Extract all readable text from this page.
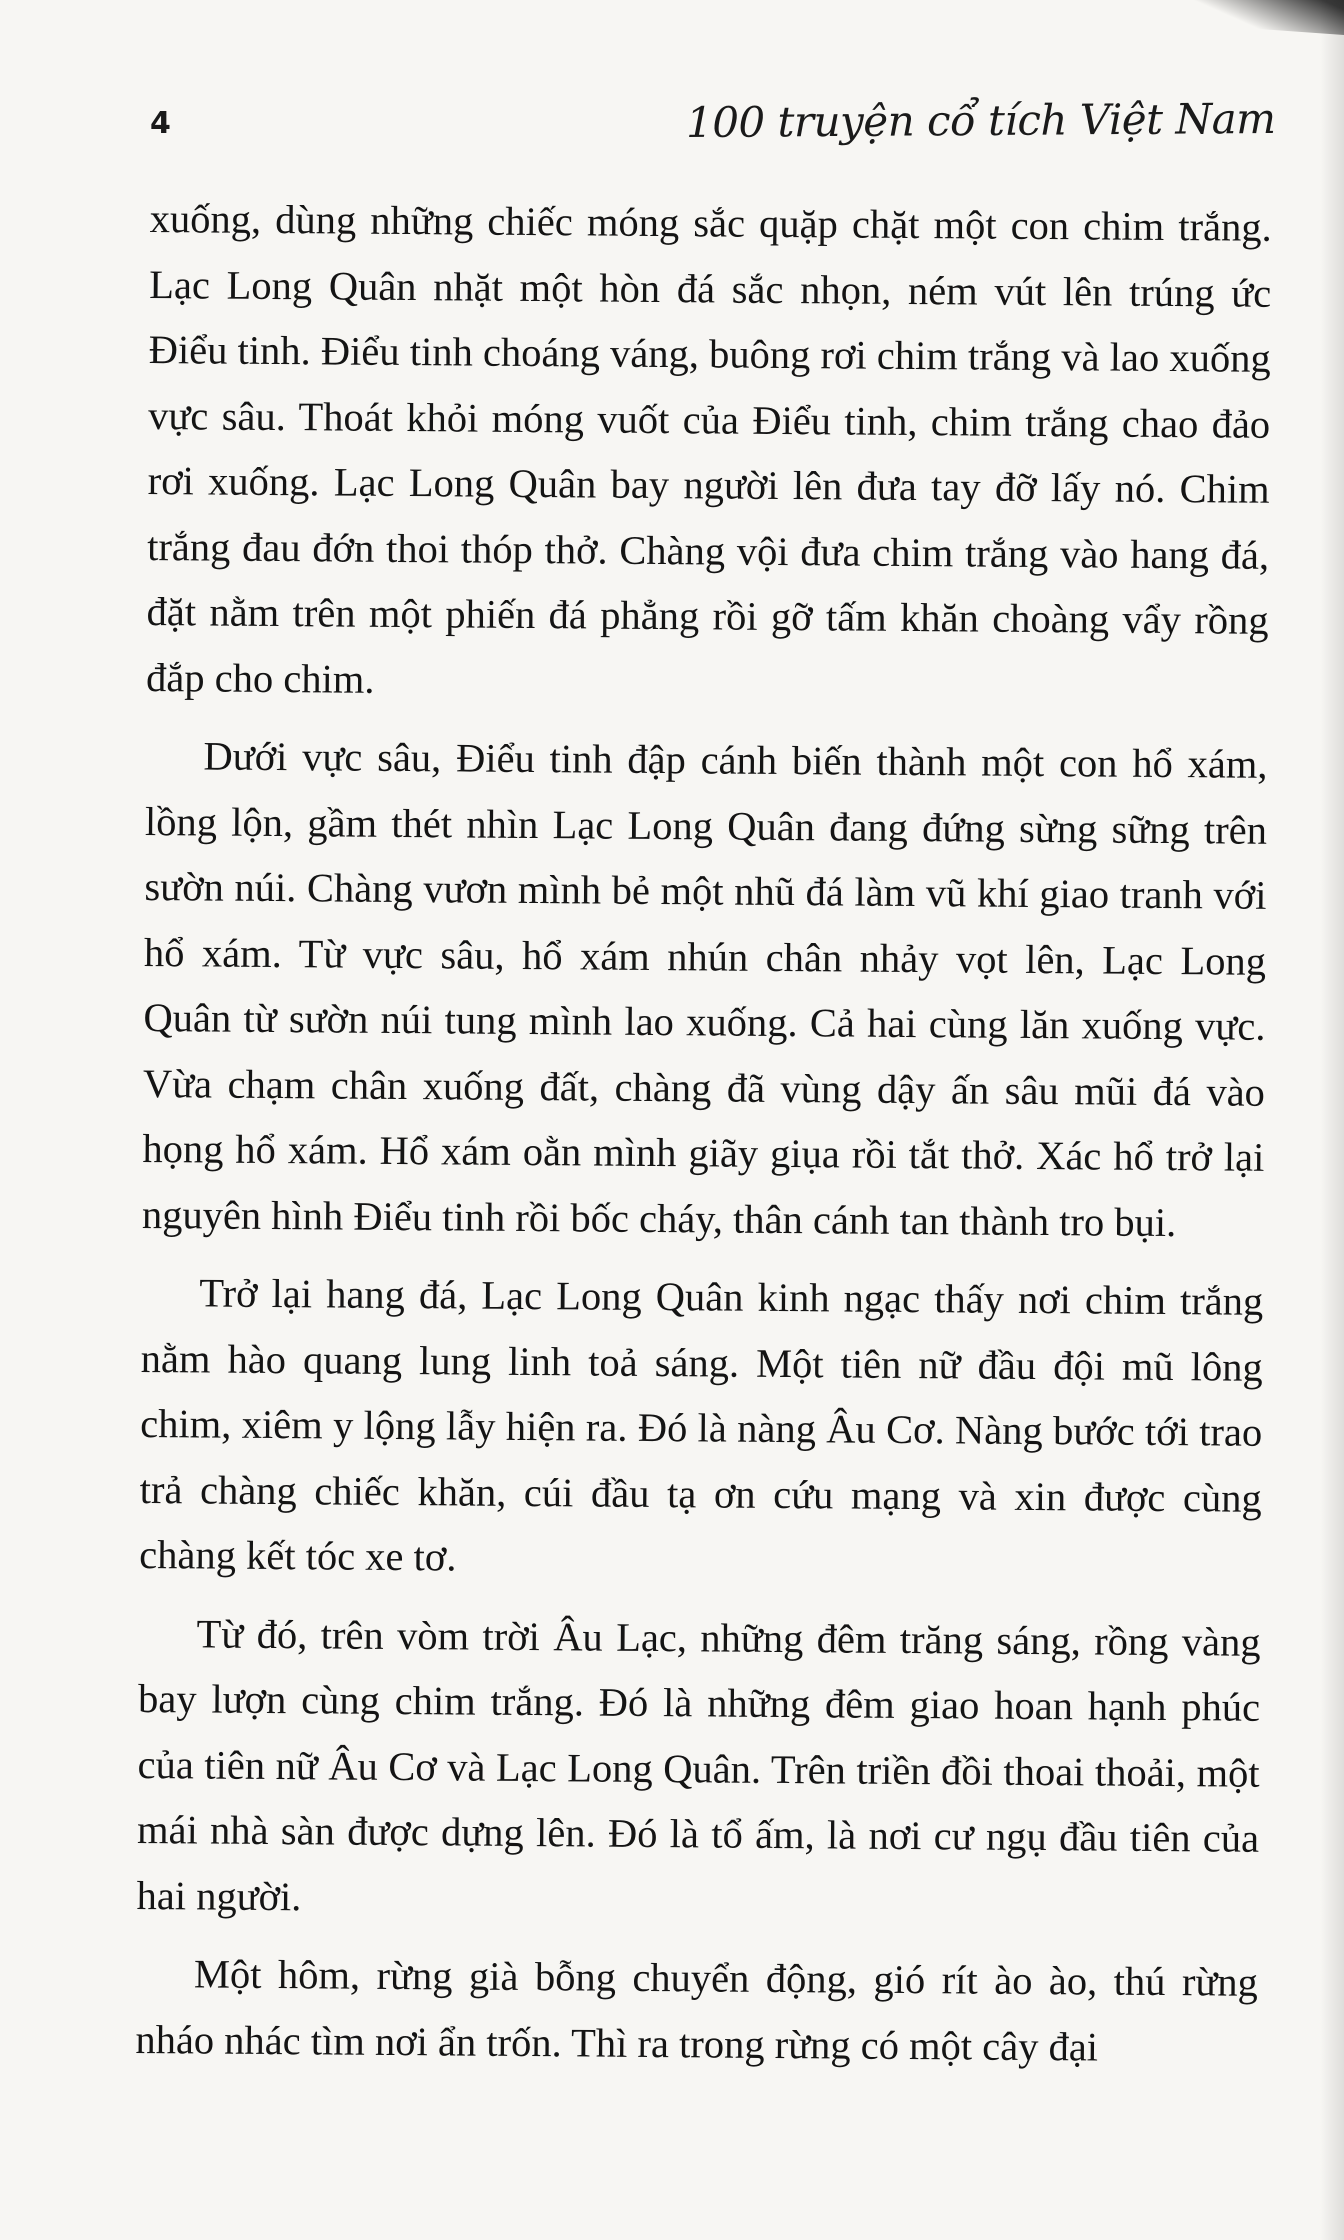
4	100 truyện cổ tích Việt Nam

xuống, dùng những chiếc móng sắc quặp chặt một con chim trắng. Lạc Long Quân nhặt một hòn đá sắc nhọn, ném vút lên trúng ức Điểu tinh. Điểu tinh choáng váng, buông rơi chim trắng và lao xuống vực sâu. Thoát khỏi móng vuốt của Điểu tinh, chim trắng chao đảo rơi xuống. Lạc Long Quân bay người lên đưa tay đỡ lấy nó. Chim trắng đau đớn thoi thóp thở. Chàng vội đưa chim trắng vào hang đá, đặt nằm trên một phiến đá phẳng rồi gỡ tấm khăn choàng vẩy rồng đắp cho chim.

Dưới vực sâu, Điểu tinh đập cánh biến thành một con hổ xám, lồng lộn, gầm thét nhìn Lạc Long Quân đang đứng sừng sững trên sườn núi. Chàng vươn mình bẻ một nhũ đá làm vũ khí giao tranh với hổ xám. Từ vực sâu, hổ xám nhún chân nhảy vọt lên, Lạc Long Quân từ sườn núi tung mình lao xuống. Cả hai cùng lăn xuống vực. Vừa chạm chân xuống đất, chàng đã vùng dậy ấn sâu mũi đá vào họng hổ xám. Hổ xám oằn mình giãy giụa rồi tắt thở. Xác hổ trở lại nguyên hình Điểu tinh rồi bốc cháy, thân cánh tan thành tro bụi.

Trở lại hang đá, Lạc Long Quân kinh ngạc thấy nơi chim trắng nằm hào quang lung linh toả sáng. Một tiên nữ đầu đội mũ lông chim, xiêm y lộng lẫy hiện ra. Đó là nàng Âu Cơ. Nàng bước tới trao trả chàng chiếc khăn, cúi đầu tạ ơn cứu mạng và xin được cùng chàng kết tóc xe tơ.

Từ đó, trên vòm trời Âu Lạc, những đêm trăng sáng, rồng vàng bay lượn cùng chim trắng. Đó là những đêm giao hoan hạnh phúc của tiên nữ Âu Cơ và Lạc Long Quân. Trên triền đồi thoai thoải, một mái nhà sàn được dựng lên. Đó là tổ ấm, là nơi cư ngụ đầu tiên của hai người.

Một hôm, rừng già bỗng chuyển động, gió rít ào ào, thú rừng nháo nhác tìm nơi ẩn trốn. Thì ra trong rừng có một cây đại
